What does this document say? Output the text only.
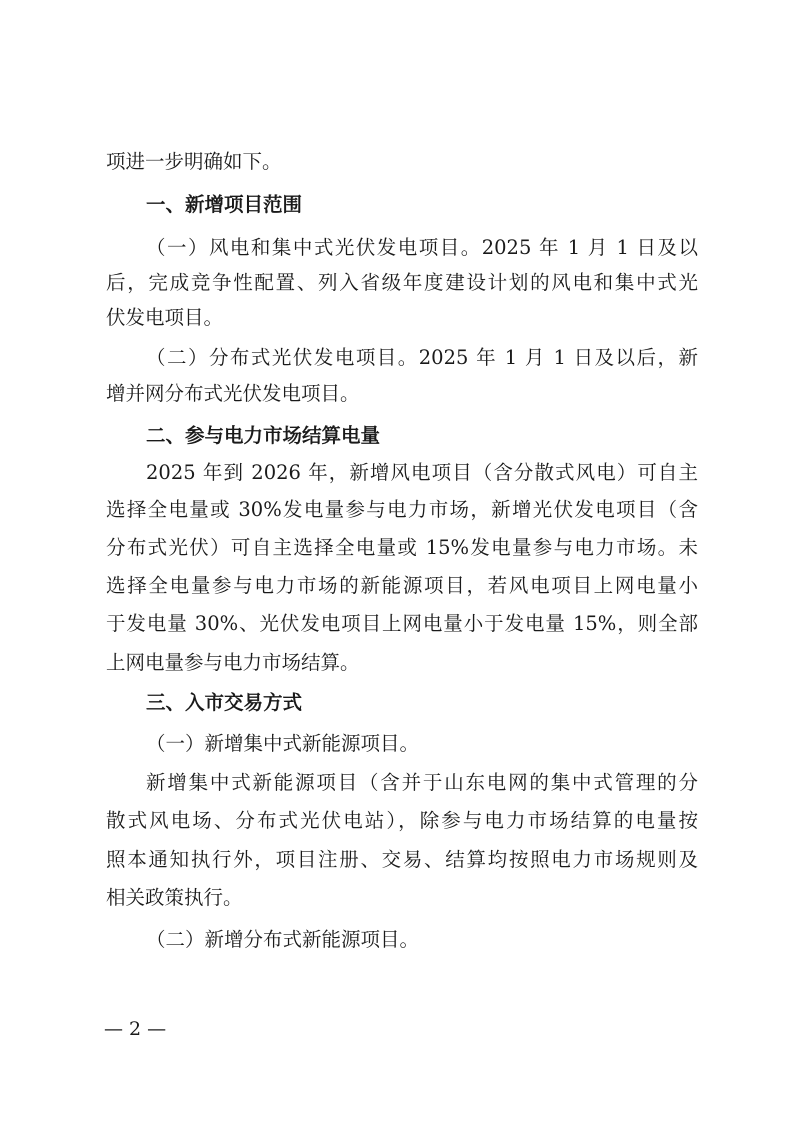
项进一步明确如下。
一、新增项目范围
（一）风电和集中式光伏发电项目。2025 年 1 月 1 日及以
后，完成竞争性配置、列入省级年度建设计划的风电和集中式光
伏发电项目。
（二）分布式光伏发电项目。2025 年 1 月 1 日及以后，新
增并网分布式光伏发电项目。
二、参与电力市场结算电量
2025 年到 2026 年，新增风电项目（含分散式风电）可自主
选择全电量或 30%发电量参与电力市场，新增光伏发电项目（含
分布式光伏）可自主选择全电量或 15%发电量参与电力市场。未
选择全电量参与电力市场的新能源项目，若风电项目上网电量小
于发电量 30%、光伏发电项目上网电量小于发电量 15%，则全部
上网电量参与电力市场结算。
三、入市交易方式
（一）新增集中式新能源项目。
新增集中式新能源项目（含并于山东电网的集中式管理的分
散式风电场、分布式光伏电站），除参与电力市场结算的电量按
照本通知执行外，项目注册、交易、结算均按照电力市场规则及
相关政策执行。
（二）新增分布式新能源项目。
— 2 —
